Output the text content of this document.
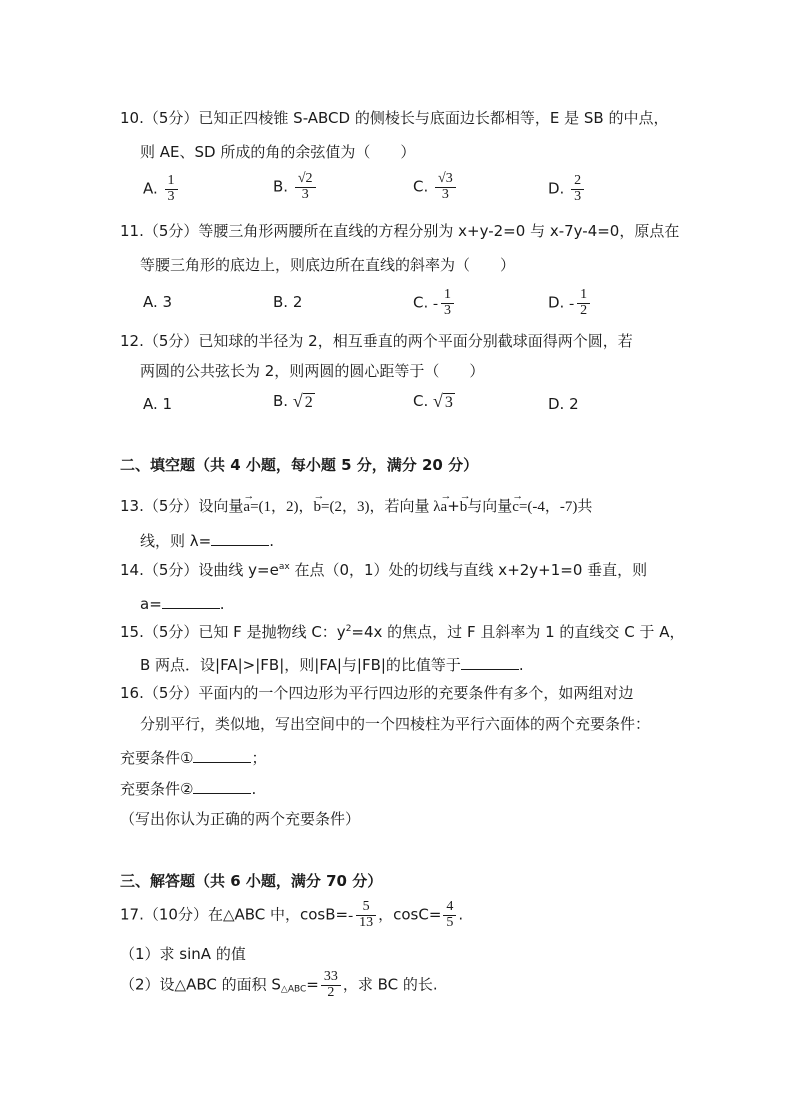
10.（5分）已知正四棱锥 S-ABCD 的侧棱长与底面边长都相等，E 是 SB 的中点，
则 AE、SD 所成的角的余弦值为（　　）
A. $\frac{1}{3}$	B. $\frac{√2}{3}$	C. $\frac{√3}{3}$	D. $\frac{2}{3}$
11.（5分）等腰三角形两腰所在直线的方程分别为 x+y-2=0 与 x-7y-4=0，原点在
等腰三角形的底边上，则底边所在直线的斜率为（　　）
A. 3	B. 2	C. - $\frac{1}{3}$	D. - $\frac{1}{2}$
12.（5分）已知球的半径为 2，相互垂直的两个平面分别截球面得两个圆，若
两圆的公共弦长为 2，则两圆的圆心距等于（　　）
A. 1	B. √ 2	C. √ 3	D. 2
二、填空题（共 4 小题，每小题 5 分，满分 20 分）
13.（5分）设向量
→
a=(1，2)，
→
b=(2，3)，若向量 λ
→
a+
→
b与向量
→
c=(-4，-7)共
线，则 λ=	.
14.（5分）设曲线 $y=e^{ax}$ 在点（0，1）处的切线与直线 x+2y+1=0 垂直，则
a=	.
15.（5分）已知 F 是抛物线 C：$y^2=4x$ 的焦点，过 F 且斜率为 1 的直线交 C 于 A，
B 两点．设|FA|>|FB|，则|FA|与|FB|的比值等于	.
16.（5分）平面内的一个四边形为平行四边形的充要条件有多个，如两组对边
分别平行，类似地，写出空间中的一个四棱柱为平行六面体的两个充要条件：
充要条件①	；
充要条件②	.
（写出你认为正确的两个充要条件）
三、解答题（共 6 小题，满分 70 分）
17.（10分）在△ABC 中，$\cos B=- \frac{5}{13}$ ，$\cos C= \frac{4}{5}$ .
（1）求 sinA 的值
（2）设△ABC 的面积 $S_{\triangle ABC}= \frac{33}{2}$ ，求 BC 的长.
